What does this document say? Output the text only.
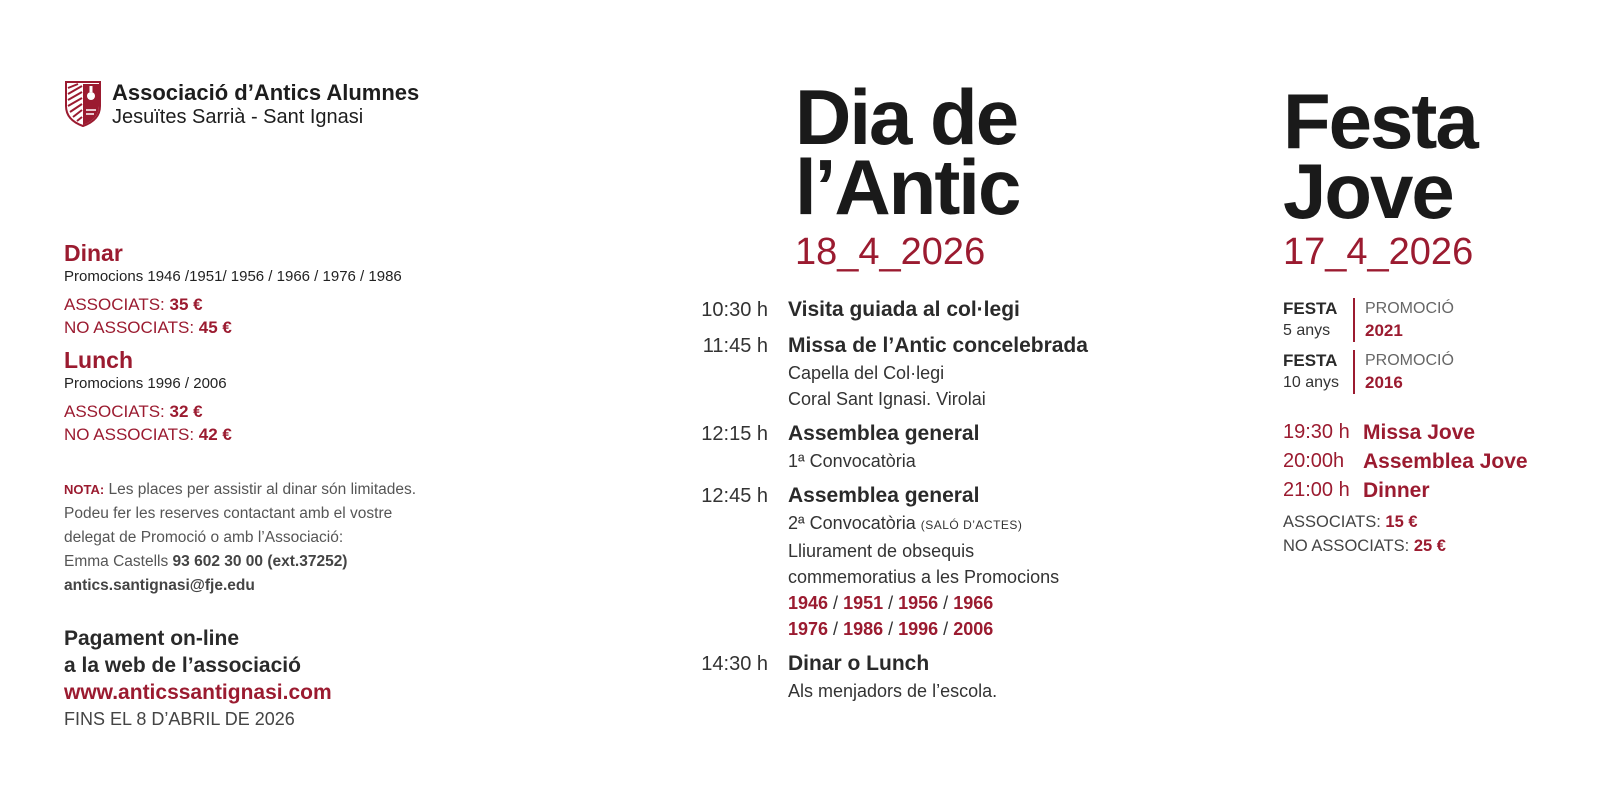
Associació d’Antics Alumnes
Jesuïtes Sarrià - Sant Ignasi
Dinar
Promocions 1946 /1951/ 1956 / 1966 / 1976 / 1986
ASSOCIATS: 35 €
NO ASSOCIATS: 45 €
Lunch
Promocions 1996 / 2006
ASSOCIATS: 32 €
NO ASSOCIATS: 42 €
NOTA: Les places per assistir al dinar són limitades.
Podeu fer les reserves contactant amb el vostre
delegat de Promoció o amb l’Associació:
Emma Castells 93 602 30 00 (ext.37252)
antics.santignasi@fje.edu
Pagament on-line
a la web de l’associació
www.anticssantignasi.com
FINS EL 8 D’ABRIL DE 2026
Dia de
l’Antic
18_4_2026
10:30 h Visita guiada al col·legi
11:45 h Missa de l’Antic concelebrada
Capella del Col·legi
Coral Sant Ignasi. Virolai
12:15 h Assemblea general
1ª Convocatòria
12:45 h Assemblea general
2ª Convocatòria (SALÓ D’ACTES)
Lliurament de obsequis
commemoratius a les Promocions
1946 / 1951 / 1956 / 1966
1976 / 1986 / 1996 / 2006
14:30 h Dinar o Lunch
Als menjadors de l’escola.
Festa
Jove
17_4_2026
FESTA
5 anys
PROMOCIÓ
2021
FESTA
10 anys
PROMOCIÓ
2016
19:30 h Missa Jove
20:00h Assemblea Jove
21:00 h Dinner
ASSOCIATS: 15 €
NO ASSOCIATS: 25 €
